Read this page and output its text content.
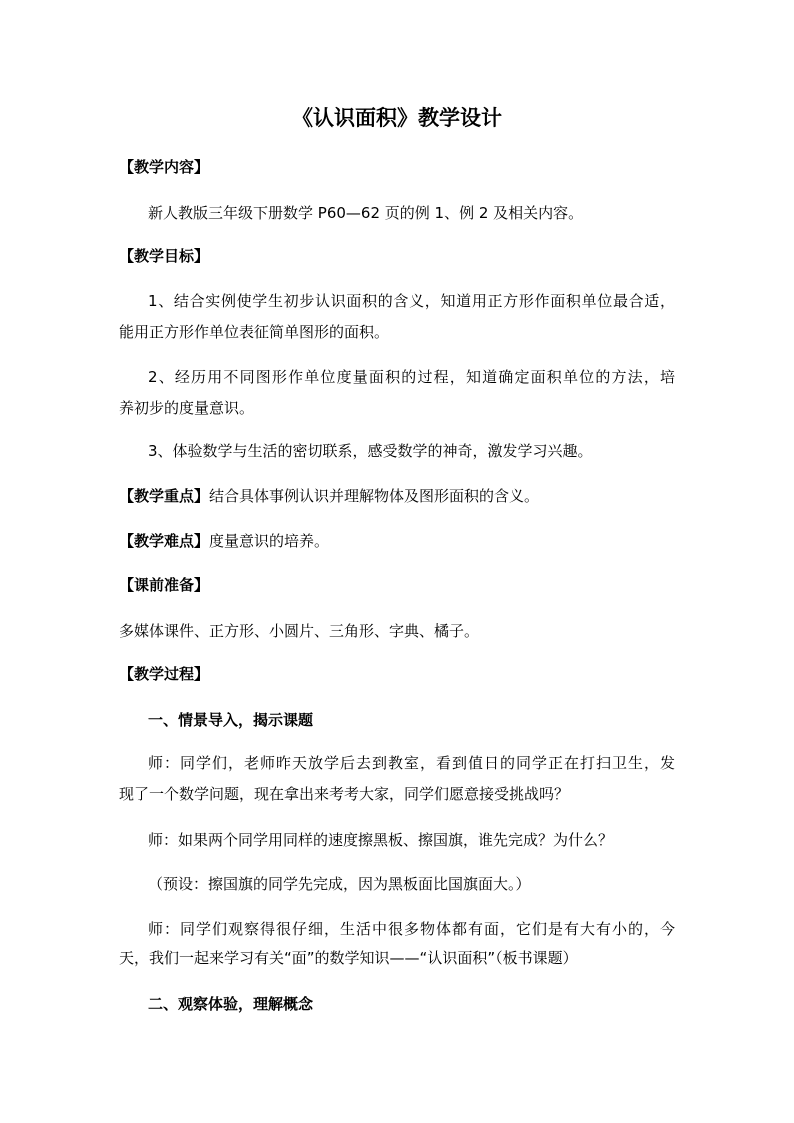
《认识面积》教学设计
【教学内容】
新人教版三年级下册数学 P60—62 页的例 1、例 2 及相关内容。
【教学目标】
1、结合实例使学生初步认识面积的含义，知道用正方形作面积单位最合适，
能用正方形作单位表征简单图形的面积。
2、经历用不同图形作单位度量面积的过程，知道确定面积单位的方法，培
养初步的度量意识。
3、体验数学与生活的密切联系，感受数学的神奇，激发学习兴趣。
【教学重点】结合具体事例认识并理解物体及图形面积的含义。
【教学难点】度量意识的培养。
【课前准备】
多媒体课件、正方形、小圆片、三角形、字典、橘子。
【教学过程】
一、情景导入，揭示课题
师：同学们，老师昨天放学后去到教室，看到值日的同学正在打扫卫生，发
现了一个数学问题，现在拿出来考考大家，同学们愿意接受挑战吗？
师：如果两个同学用同样的速度擦黑板、擦国旗，谁先完成？为什么？
（预设：擦国旗的同学先完成，因为黑板面比国旗面大。）
师：同学们观察得很仔细，生活中很多物体都有面，它们是有大有小的，今
天，我们一起来学习有关“面”的数学知识——“认识面积”（板书课题）
二、观察体验，理解概念
